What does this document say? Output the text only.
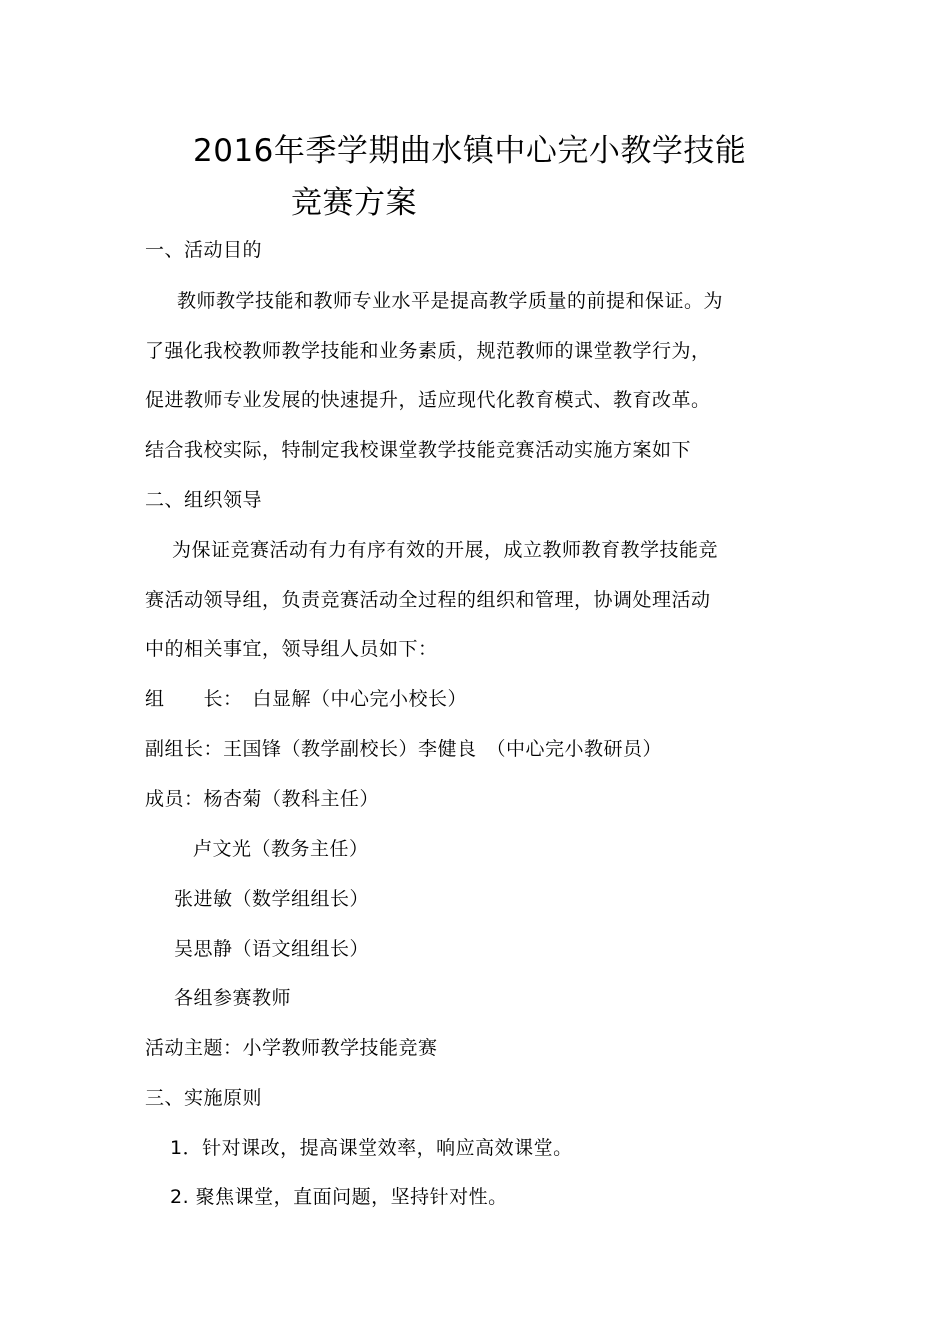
2016年季学期曲水镇中心完小教学技能
竞赛方案
一、活动目的
教师教学技能和教师专业水平是提高教学质量的前提和保证。为
了强化我校教师教学技能和业务素质，规范教师的课堂教学行为，
促进教师专业发展的快速提升，适应现代化教育模式、教育改革。
结合我校实际，特制定我校课堂教学技能竞赛活动实施方案如下
二、组织领导
为保证竞赛活动有力有序有效的开展，成立教师教育教学技能竞
赛活动领导组，负责竞赛活动全过程的组织和管理，协调处理活动
中的相关事宜，领导组人员如下：
组　　长：　白显解（中心完小校长）
副组长：王国锋（教学副校长）李健良　（中心完小教研员）
成员：杨杏菊（教科主任）
卢文光（教务主任）
张进敏（数学组组长）
吴思静（语文组组长）
各组参赛教师
活动主题：小学教师教学技能竞赛
三、实施原则
1．针对课改，提高课堂效率，响应高效课堂。
2. 聚焦课堂，直面问题，坚持针对性。
